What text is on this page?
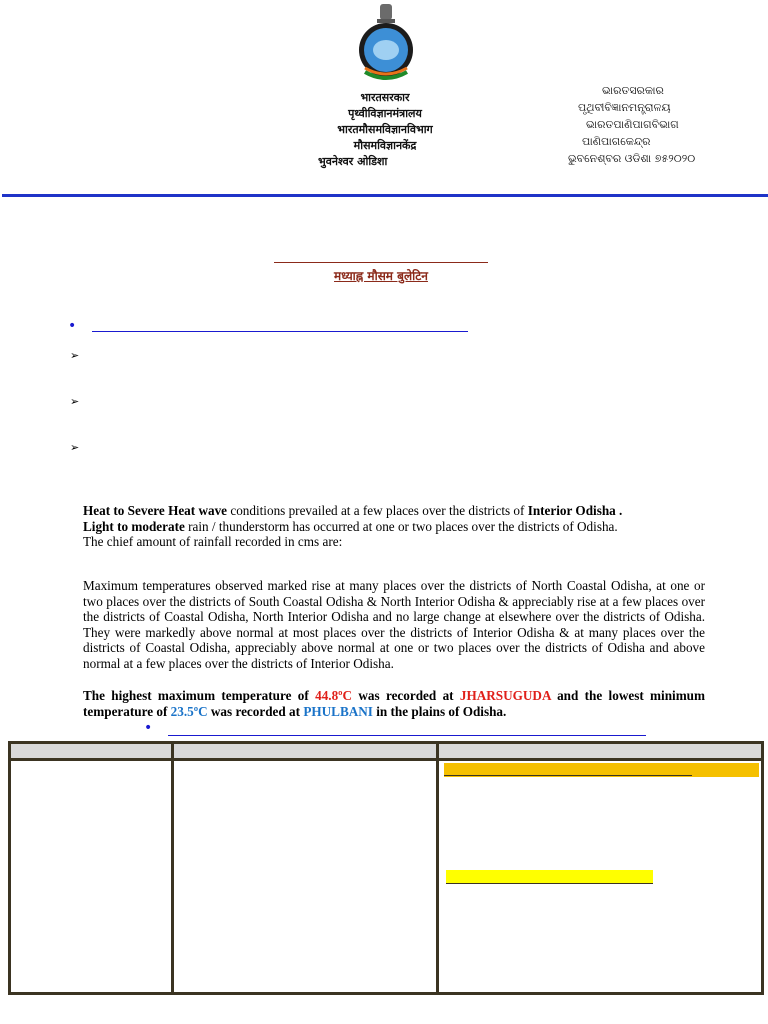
भारतसरकार
पृथ्वीविज्ञानमंत्रालय
भारतमौसमविज्ञानविभाग
मौसमविज्ञानकेंद्र
भुवनेश्वर ओडिशा
ଭାରତସରକାର
ପୃଥିବୀବିଜ୍ଞାନମନ୍ତ୍ରାଳୟ
ଭାରତପାଣିପାଗବିଭାଗ
ପାଣିପାଗକେନ୍ଦ୍ର
ଭୁବନେଶ୍ବର ଓଡିଶା ୭୫୨୦୨୦
मध्याह्न मौसम बुलेटिन
•
➢
➢
➢
Heat to Severe Heat wave conditions prevailed at a few places over the districts of Interior Odisha .
Light to moderate rain / thunderstorm has occurred at one or two places over the districts of Odisha.
The chief amount of rainfall recorded in cms are:
Maximum temperatures observed marked rise at many places over the districts of North Coastal Odisha, at one or two places over the districts of South Coastal Odisha & North Interior Odisha & appreciably rise at a few places over the districts of Coastal Odisha, North Interior Odisha and no large change at elsewhere over the districts of Odisha. They were markedly above normal at most places over the districts of Interior Odisha & at many places over the districts of Coastal Odisha, appreciably above normal at one or two places over the districts of Odisha and above normal at a few places over the districts of Interior Odisha.
The highest maximum temperature of 44.8ºC was recorded at JHARSUGUDA and the lowest minimum temperature of 23.5ºC was recorded at PHULBANI in the plains of Odisha.
•
